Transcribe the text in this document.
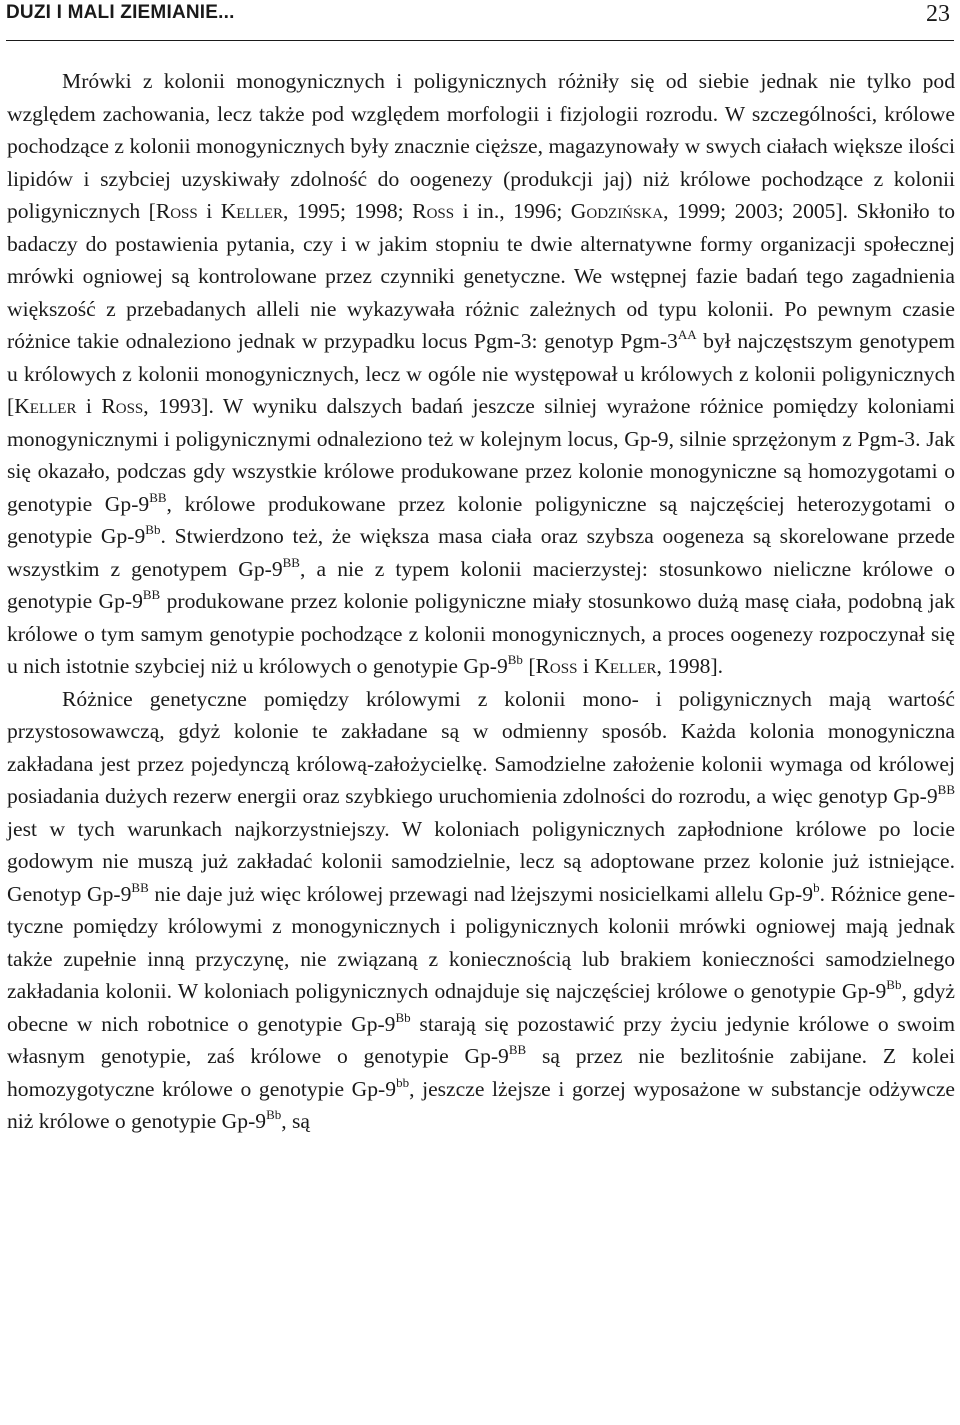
DUZI I MALI ZIEMIANIE...	23

Mrówki z kolonii monogynicznych i poligynicznych różniły się od siebie jednak nie tylko pod względem zachowania, lecz także pod względem morfologii i fizjologii rozrodu. W szczególności, królowe pochodzące z kolonii monogynicznych były znacznie cięższe, magazynowały w swych ciałach większe ilości lipidów i szybciej uzyskiwały zdolność do oogenezy (produkcji jaj) niż królowe pochodzące z kolonii poligynicznych [Ross i Keller, 1995; 1998; Ross i in., 1996; Godzińska, 1999; 2003; 2005]. Skłoniło to badaczy do postawienia pytania, czy i w jakim stopniu te dwie alternatywne formy organizacji społecznej mrówki ogniowej są kontrolowane przez czynniki genetyczne. We wstępnej fazie badań tego zagadnienia większość z przebadanych alleli nie wykazywała różnic zależnych od typu kolonii. Po pewnym czasie różnice takie odnaleziono jednak w przypadku locus Pgm-3: genotyp Pgm-$3^{AA}$ był najczęstszym genotypem u królowych z kolonii monogynicznych, lecz w ogóle nie występował u królowych z kolonii poligynicznych [Keller i Ross, 1993]. W wyniku dalszych badań jeszcze silniej wyrażone różnice pomiędzy koloniami monogynicznymi i poligynicznymi odnaleziono też w kolejnym locus, Gp-9, silnie sprzężonym z Pgm-3. Jak się okazało, podczas gdy wszystkie królowe produkowane przez kolonie monogyniczne są homozygotami o genotypie $Gp-9^{BB}$, królowe produkowane przez kolonie poligyniczne są najczęściej heterozygotami o genotypie $Gp-9^{Bb}$. Stwierdzono też, że większa masa ciała oraz szybsza oogeneza są skorelowane przede wszystkim z genotypem $Gp-9^{BB}$, a nie z typem kolonii macierzystej: stosunkowo nieliczne królowe o genotypie $Gp-9^{BB}$ produkowane przez kolonie poligyniczne miały stosunkowo dużą masę ciała, podobną jak królowe o tym samym genotypie pochodzące z kolonii monogynicznych, a proces oogenezy rozpoczynał się u nich istotnie szybciej niż u królowych o genotypie $Gp-9^{Bb}$ [Ross i Keller, 1998].

Różnice genetyczne pomiędzy królowymi z kolonii mono- i poligynicznych mają wartość przystosowawczą, gdyż kolonie te zakładane są w odmienny sposób. Każda kolonia monogyniczna zakładana jest przez pojedynczą królową-założycielkę. Samodzielne założenie kolonii wymaga od królowej posiadania dużych rezerw energii oraz szybkiego uruchomienia zdolności do rozrodu, a więc genotyp $Gp-9^{BB}$ jest w tych warunkach najkorzystniejszy. W koloniach poligynicznych zapłodnione królowe po locie godowym nie muszą już zakładać kolonii samodzielnie, lecz są adoptowane przez kolonie już istniejące. Genotyp $Gp-9^{BB}$ nie daje już więc królowej przewagi nad lżejszymi nosicielkami allelu Gp-9$^b$. Różnice genetyczne pomiędzy królowymi z monogynicznych i poligynicznych kolonii mrówki ogniowej mają jednak także zupełnie inną przyczynę, nie związaną z koniecznością lub brakiem konieczności samodzielnego zakładania kolonii. W koloniach poligynicznych odnajduje się najczęściej królowe o genotypie $Gp-9^{Bb}$, gdyż obecne w nich robotnice o genotypie $Gp-9^{Bb}$ starają się pozostawić przy życiu jedynie królowe o swoim własnym genotypie, zaś królowe o genotypie $Gp-9^{BB}$ są przez nie bezlitośnie zabijane. Z kolei homozygotyczne królowe o genotypie $Gp-9^{bb}$, jeszcze lżejsze i gorzej wyposażone w substancje odżywcze niż królowe o genotypie $Gp-9^{Bb}$, są
